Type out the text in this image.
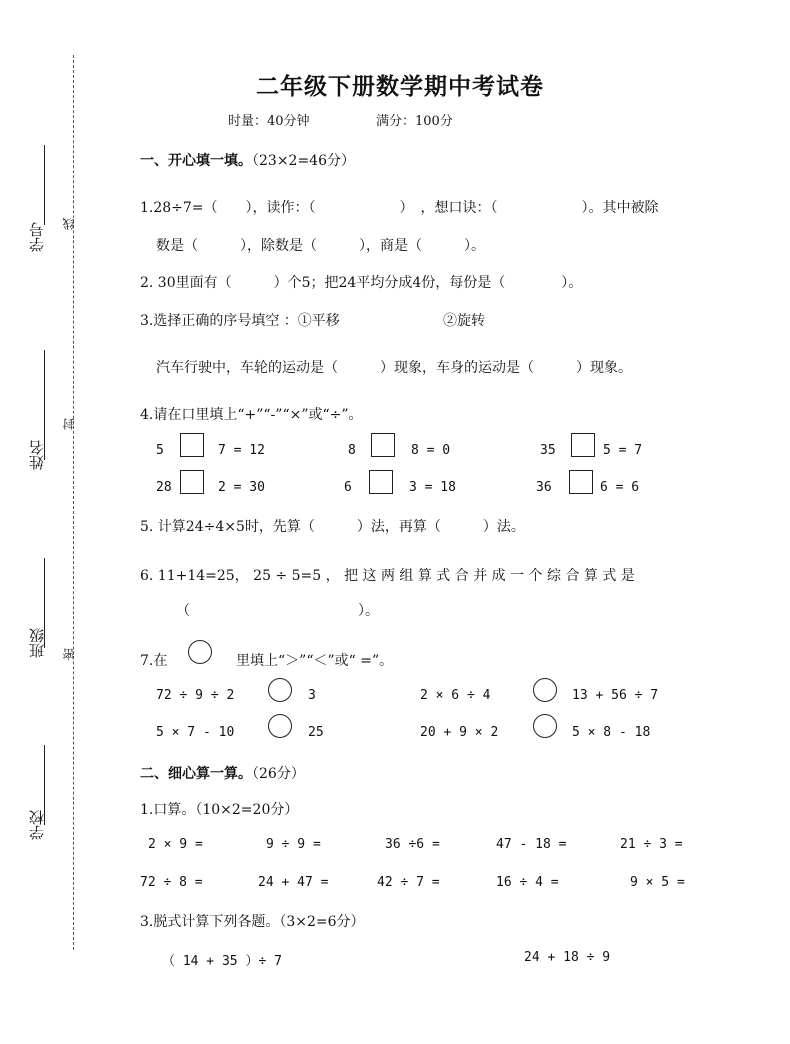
学号 线
姓名
封
班级 密
学校
二年级下册数学期中考试卷
时量：40分钟	满分：100分
一、开心填一填。（23×2=46分）
1.28÷7=（　　），读作：（　　　　　　）　，想口诀：（　　　　　　）。其中被除
数是（　　　），除数是（　　　），商是（　　　）。
2. 30里面有（　　　）个5；把24平均分成4份，每份是（　　　　）。
3.选择正确的序号填空 ：①平移	②旋转
汽车行驶中，车轮的运动是（　　　）现象，车身的运动是（　　　）现象。
4.请在口里填上“+”“-”“×”或“÷”。
5	7 = 12	8	8 = 0	35	5 = 7
28	2 = 30	6	3 = 18	36	6 = 6
5. 计算24÷4×5时，先算（　　　）法，再算（　　　）法。
6. 11+14=25， 25 ÷ 5=5 ， 把 这 两 组 算 式 合 并 成 一 个 综 合 算 式 是
（　　　　　　　　　　　　）。
7.在	里填上“＞”“＜”或“ =”。
72 ÷ 9 ÷ 2	3	2 × 6 ÷ 4	13 + 56 ÷ 7
5 × 7 - 10	25	20 + 9 × 2	5 × 8 - 18
二、细心算一算。（26分）
1.口算。（10×2=20分）
2 × 9 =	9 ÷ 9 =	36 ÷6 =	47 - 18 =	21 ÷ 3 =
72 ÷ 8 =	24 + 47 =	42 ÷ 7 =	16 ÷ 4 =	9 × 5 =
3.脱式计算下列各题。（3×2=6分）
（ 14 + 35 ）÷ 7	24 + 18 ÷ 9
